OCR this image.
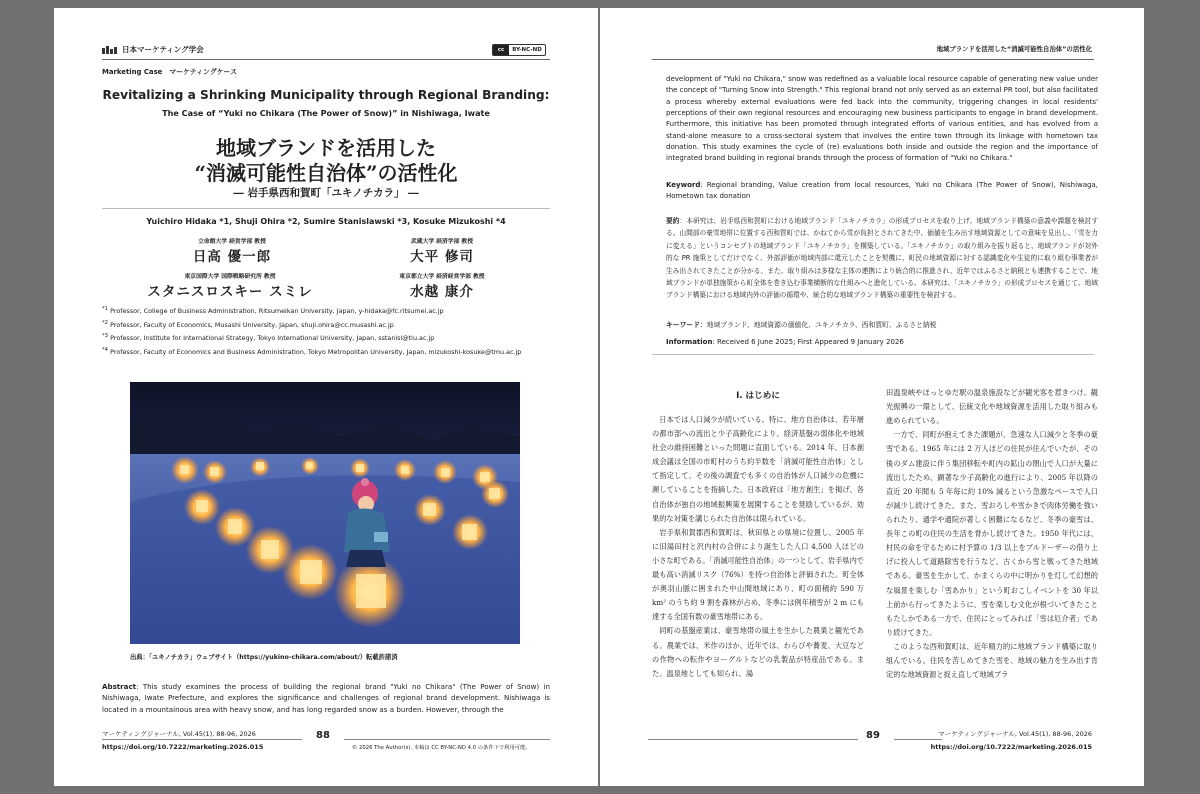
日本マーケティング学会	cc	BY-NC-ND
Marketing Case　マーケティングケース
Revitalizing a Shrinking Municipality through Regional Branding:
The Case of “Yuki no Chikara (The Power of Snow)” in Nishiwaga, Iwate
地域ブランドを活用した
“消滅可能性自治体”の活性化
― 岩手県西和賀町「ユキノチカラ」 ―
Yuichiro Hidaka *1, Shuji Ohira *2, Sumire Stanislawski *3, Kosuke Mizukoshi *4
立命館大学 経営学部 教授
日高 優一郎
武蔵大学 経済学部 教授
大平 修司
東京国際大学 国際戦略研究所 教授
スタニスロスキー スミレ
東京都立大学 経済経営学部 教授
水越 康介
$^{*1}$ Professor, College of Business Administration, Ritsumeikan University, Japan, y-hidaka@fc.ritsumei.ac.jp
$^{*2}$ Professor, Faculty of Economics, Musashi University, Japan, shuji.ohira@cc.musashi.ac.jp
$^{*3}$ Professor, Institute for International Strategy, Tokyo International University, Japan, sstanisl@tiu.ac.jp
$^{*4}$ Professor, Faculty of Economics and Business Administration, Tokyo Metropolitan University, Japan, mizukoshi-kosuke@tmu.ac.jp
出典：「ユキノチカラ」ウェブサイト（https://yukino-chikara.com/about/）転載許諾済
Abstract: This study examines the process of building the regional brand "Yuki no Chikara" (The Power of Snow) in Nishiwaga, Iwate Prefecture, and explores the significance and challenges of regional brand development. Nishiwaga is located in a mountainous area with heavy snow, and has long regarded snow as a burden. However, through the
88
マーケティングジャーナル, Vol.45(1), 88-96, 2026
https://doi.org/10.7222/marketing.2026.015	© 2026 The Author(s). 本稿は CC BY-NC-ND 4.0 の条件下で利用可能。
地域ブランドを活用した“消滅可能性自治体”の活性化
development of "Yuki no Chikara," snow was redefined as a valuable local resource capable of generating new value under the concept of "Turning Snow into Strength." This regional brand not only served as an external PR tool, but also facilitated a process whereby external evaluations were fed back into the community, triggering changes in local residents' perceptions of their own regional resources and encouraging new business participants to engage in brand development. Furthermore, this initiative has been promoted through integrated efforts of various entities, and has evolved from a stand-alone measure to a cross-sectoral system that involves the entire town through its linkage with hometown tax donation. This study examines the cycle of (re) evaluations both inside and outside the region and the importance of integrated brand building in regional brands through the process of formation of "Yuki no Chikara."
Keyword: Regional branding, Value creation from local resources, Yuki no Chikara (The Power of Snow), Nishiwaga, Hometown tax donation
要約：本研究は、岩手県西和賀町における地域ブランド「ユキノチカラ」の形成プロセスを取り上げ、地域ブランド構築の意義や課題を検討する。山間部の豪雪地帯に位置する西和賀町では、かねてから雪が負担とされてきた中、価値を生み出す地域資源としての意味を見出し、「雪を力に変える」というコンセプトの地域ブランド「ユキノチカラ」を構築している。「ユキノチカラ」の取り組みを振り返ると、地域ブランドが対外的な PR 施策としてだけでなく、外部評価が地域内部に還元したことを契機に、町民の地域資源に対する認識変化や生徒的に取り組む事業者が生み出されてきたことが分かる。また、取り組みは多様な主体の連携により統合的に推進され、近年ではふるさと納税とも連携することで、地域ブランドが単独施策から町全体を巻き込む事業横断的な仕組みへと進化している。本研究は、「ユキノチカラ」の形成プロセスを通じて、地域ブランド構築における地域内外の評価の循環や、統合的な地域ブランド構築の重要性を検討する。
キーワード：地域ブランド、地域資源の価値化、ユキノチカラ、西和賀町、ふるさと納税
Information: Received 6 June 2025; First Appeared 9 January 2026
I. はじめに

日本では人口減少が続いている。特に、地方自治体は、若年層の都市部への流出と少子高齢化により、経済基盤の弱体化や地域社会の維持困難といった問題に直面している。2014 年、日本創成会議は全国の市町村のうち約半数を「消滅可能性自治体」として指定して、その後の調査でも多くの自治体が人口減少の危機に瀕していることを指摘した。日本政府は「地方創生」を掲げ、各自治体が独自の地域振興策を展開することを奨励しているが、効果的な対策を講じられた自治体は限られている。

岩手県和賀郡西和賀町は、秋田県との県境に位置し、2005 年に旧湯田村と沢内村の合併により誕生した人口 4,500 人ほどの小さな町である。「消滅可能性自治体」の一つとして、岩手県内で最も高い消滅リスク（76%）を持つ自治体と評価された。町全体が奥羽山脈に囲まれた中山間地域にあり、町の面積約 590 万 km² のうち約 9 割を森林が占め、冬季には例年積雪が 2 m にも達する全国有数の豪雪地帯にある。

同町の基盤産業は、豪雪地帯の風土を生かした農業と観光である。農業では、米作のほか、近年では、わらびや蕎麦、大豆などの作物への転作やヨーグルトなどの乳製品が特産品である。また、温泉地としても知られ、湯

田温泉峡やほっとゆだ駅の温泉施設などが観光客を惹きつけ、観光振興の一環として、伝統文化や地域資源を活用した取り組みも進められている。

一方で、同町が抱えてきた課題が、急速な人口減少と冬季の豪雪である。1965 年には 2 万人ほどの住民が住んでいたが、その後のダム建設に伴う集団移転や町内の鉱山の閉山で人口が大量に流出したため、顕著な少子高齢化の進行により、2005 年以降の直近 20 年間も 5 年毎に約 10% 減るという急激なペースで人口が減少し続けてきた。また、雪おろしや雪かきで肉体労働を強いられたり、通学や通院が著しく困難になるなど、冬季の豪雪は、長年この町の住民の生活を脅かし続けてきた。1950 年代には、村民の命を守るために村予算の 1/3 以上をブルドーザーの借り上げに投入して道路除雪を行うなど、古くから雪と戦ってきた地域である。豪雪を生かして、かまくらの中に明かりを灯して幻想的な風景を楽しむ「雪あかり」という町おこしイベントを 30 年以上前から行ってきたように、雪を楽しむ文化が根づいてきたこともたしかである一方で、住民にとってみれば「雪は厄介者」であり続けてきた。

このような西和賀町は、近年精力的に地域ブランド構築に取り組んでいる。住民を苦しめてきた雪を、地域の魅力を生み出す肯定的な地域資源と捉え直して地域ブラ

89	マーケティングジャーナル, Vol.45(1), 88-96, 2026
https://doi.org/10.7222/marketing.2026.015
